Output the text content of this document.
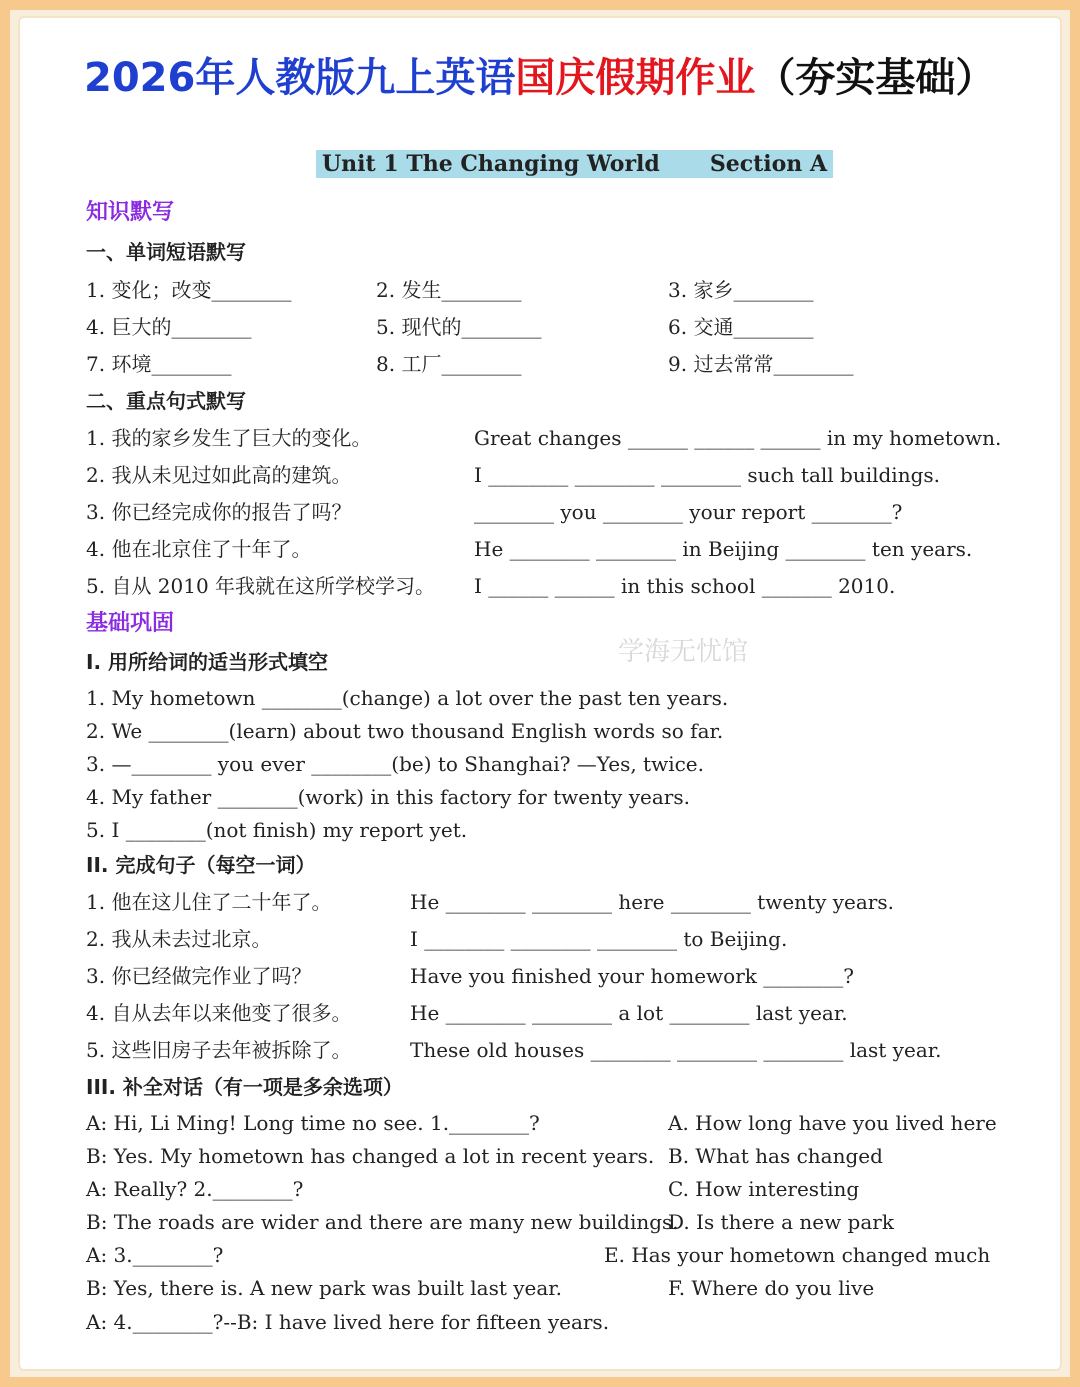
2026年人教版九上英语国庆假期作业（夯实基础）
Unit 1 The Changing World Section A
知识默写
一、单词短语默写
1. 变化；改变________	2. 发生________	3. 家乡________
4. 巨大的________	5. 现代的________	6. 交通________
7. 环境________	8. 工厂________	9. 过去常常________
二、重点句式默写
1. 我的家乡发生了巨大的变化。	Great changes ______ ______ ______ in my hometown.
2. 我从未见过如此高的建筑。	I ________ ________ ________ such tall buildings.
3. 你已经完成你的报告了吗？	________ you ________ your report ________?
4. 他在北京住了十年了。	He ________ ________ in Beijing ________ ten years.
5. 自从 2010 年我就在这所学校学习。 I ______ ______ in this school _______ 2010.
基础巩固
学海无忧馆
I. 用所给词的适当形式填空
1. My hometown ________(change) a lot over the past ten years.
2. We ________(learn) about two thousand English words so far.
3. —________ you ever ________(be) to Shanghai? —Yes, twice.
4. My father ________(work) in this factory for twenty years.
5. I ________(not finish) my report yet.
II. 完成句子（每空一词）
1. 他在这儿住了二十年了。	He ________ ________ here ________ twenty years.
2. 我从未去过北京。	I ________ ________ ________ to Beijing.
3. 你已经做完作业了吗？	Have you finished your homework ________?
4. 自从去年以来他变了很多。	He ________ ________ a lot ________ last year.
5. 这些旧房子去年被拆除了。	These old houses ________ ________ ________ last year.
III. 补全对话（有一项是多余选项）
A: Hi, Li Ming! Long time no see. 1.________?
B: Yes. My hometown has changed a lot in recent years.
A: Really? 2.________?
B: The roads are wider and there are many new buildings.
A: 3.________?
B: Yes, there is. A new park was built last year.
A: 4.________?--B: I have lived here for fifteen years.
A. How long have you lived here
B. What has changed
C. How interesting
D. Is there a new park
E. Has your hometown changed much
F. Where do you live
